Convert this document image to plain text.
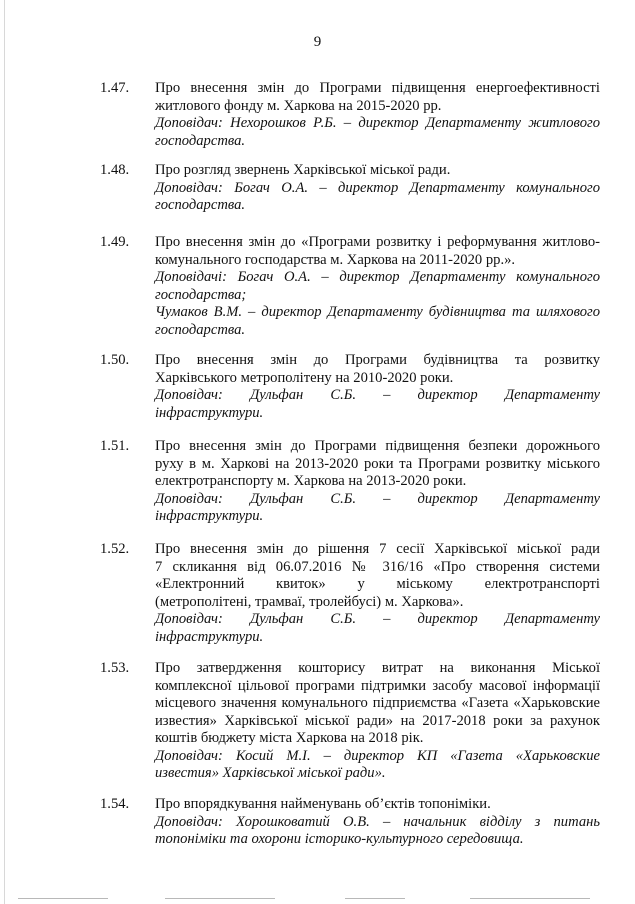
9
1.47.	Про внесення змін до Програми підвищення енергоефективності

житлового фонду м. Харкова на 2015-2020 рр.

Доповідач: Нехорошков Р.Б. – директор Департаменту житлового

господарства.

1.48.	Про розгляд звернень Харківської міської ради.

Доповідач: Богач О.А. – директор Департаменту комунального

господарства.

1.49.	Про внесення змін до «Програми розвитку і реформування житлово-

комунального господарства м. Харкова на 2011-2020 рр.».

Доповідачі: Богач О.А. – директор Департаменту комунального

господарства;

Чумаков В.М. – директор Департаменту будівництва та шляхового

господарства.

1.50.	Про внесення змін до Програми будівництва та розвитку

Харківського метрополітену на 2010-2020 роки.

Доповідач: Дульфан С.Б. – директор Департаменту

інфраструктури.

1.51.	Про внесення змін до Програми підвищення безпеки дорожнього

руху в м. Харкові на 2013-2020 роки та Програми розвитку міського

електротранспорту м. Харкова на 2013-2020 роки.

Доповідач: Дульфан С.Б. – директор Департаменту

інфраструктури.

1.52.	Про внесення змін до рішення 7 сесії Харківської міської ради

7 скликання від 06.07.2016 № 316/16 «Про створення системи

«Електронний квиток» у міському електротранспорті

(метрополітені, трамваї, тролейбусі) м. Харкова».

Доповідач: Дульфан С.Б. – директор Департаменту

інфраструктури.

1.53.	Про затвердження кошторису витрат на виконання Міської

комплексної цільової програми підтримки засобу масової інформації

місцевого значення комунального підприємства «Газета «Харьковские

известия» Харківської міської ради» на 2017-2018 роки за рахунок

коштів бюджету міста Харкова на 2018 рік.

Доповідач: Косий М.І. – директор КП «Газета «Харьковские

известия» Харківської міської ради».

1.54.	Про впорядкування найменувань об’єктів топоніміки.

Доповідач: Хорошковатий О.В. – начальник відділу з питань

топоніміки та охорони історико-культурного середовища.
